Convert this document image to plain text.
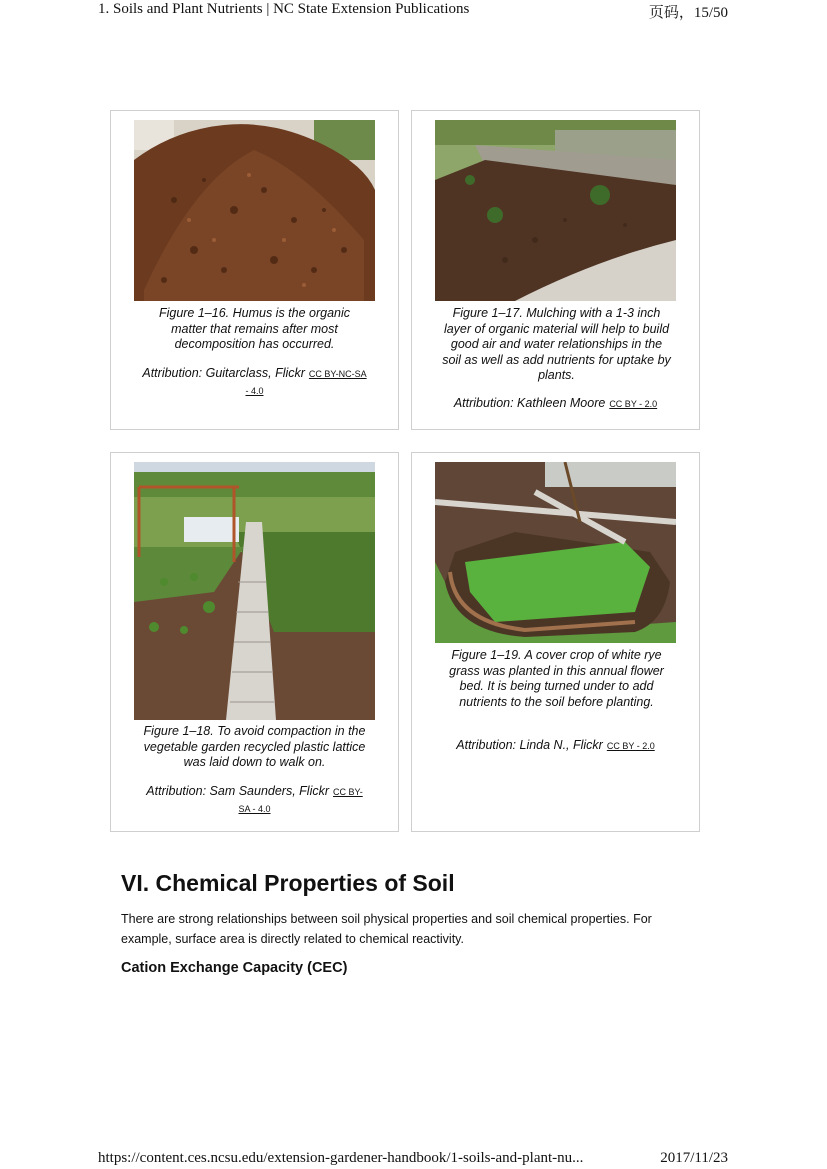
1. Soils and Plant Nutrients | NC State Extension Publications	页码，15/50
Figure 1–16. Humus is the organic matter that remains after most decomposition has occurred.
Attribution: Guitarclass, Flickr CC BY-NC-SA - 4.0
Figure 1–17. Mulching with a 1-3 inch layer of organic material will help to build good air and water relationships in the soil as well as add nutrients for uptake by plants.
Attribution: Kathleen Moore CC BY - 2.0
Figure 1–18. To avoid compaction in the vegetable garden recycled plastic lattice was laid down to walk on.
Attribution: Sam Saunders, Flickr CC BY-SA - 4.0
Figure 1–19. A cover crop of white rye grass was planted in this annual flower bed. It is being turned under to add nutrients to the soil before planting.
Attribution: Linda N., Flickr CC BY - 2.0
VI. Chemical Properties of Soil
There are strong relationships between soil physical properties and soil chemical properties. For example, surface area is directly related to chemical reactivity.
Cation Exchange Capacity (CEC)
https://content.ces.ncsu.edu/extension-gardener-handbook/1-soils-and-plant-nu...	2017/11/23
